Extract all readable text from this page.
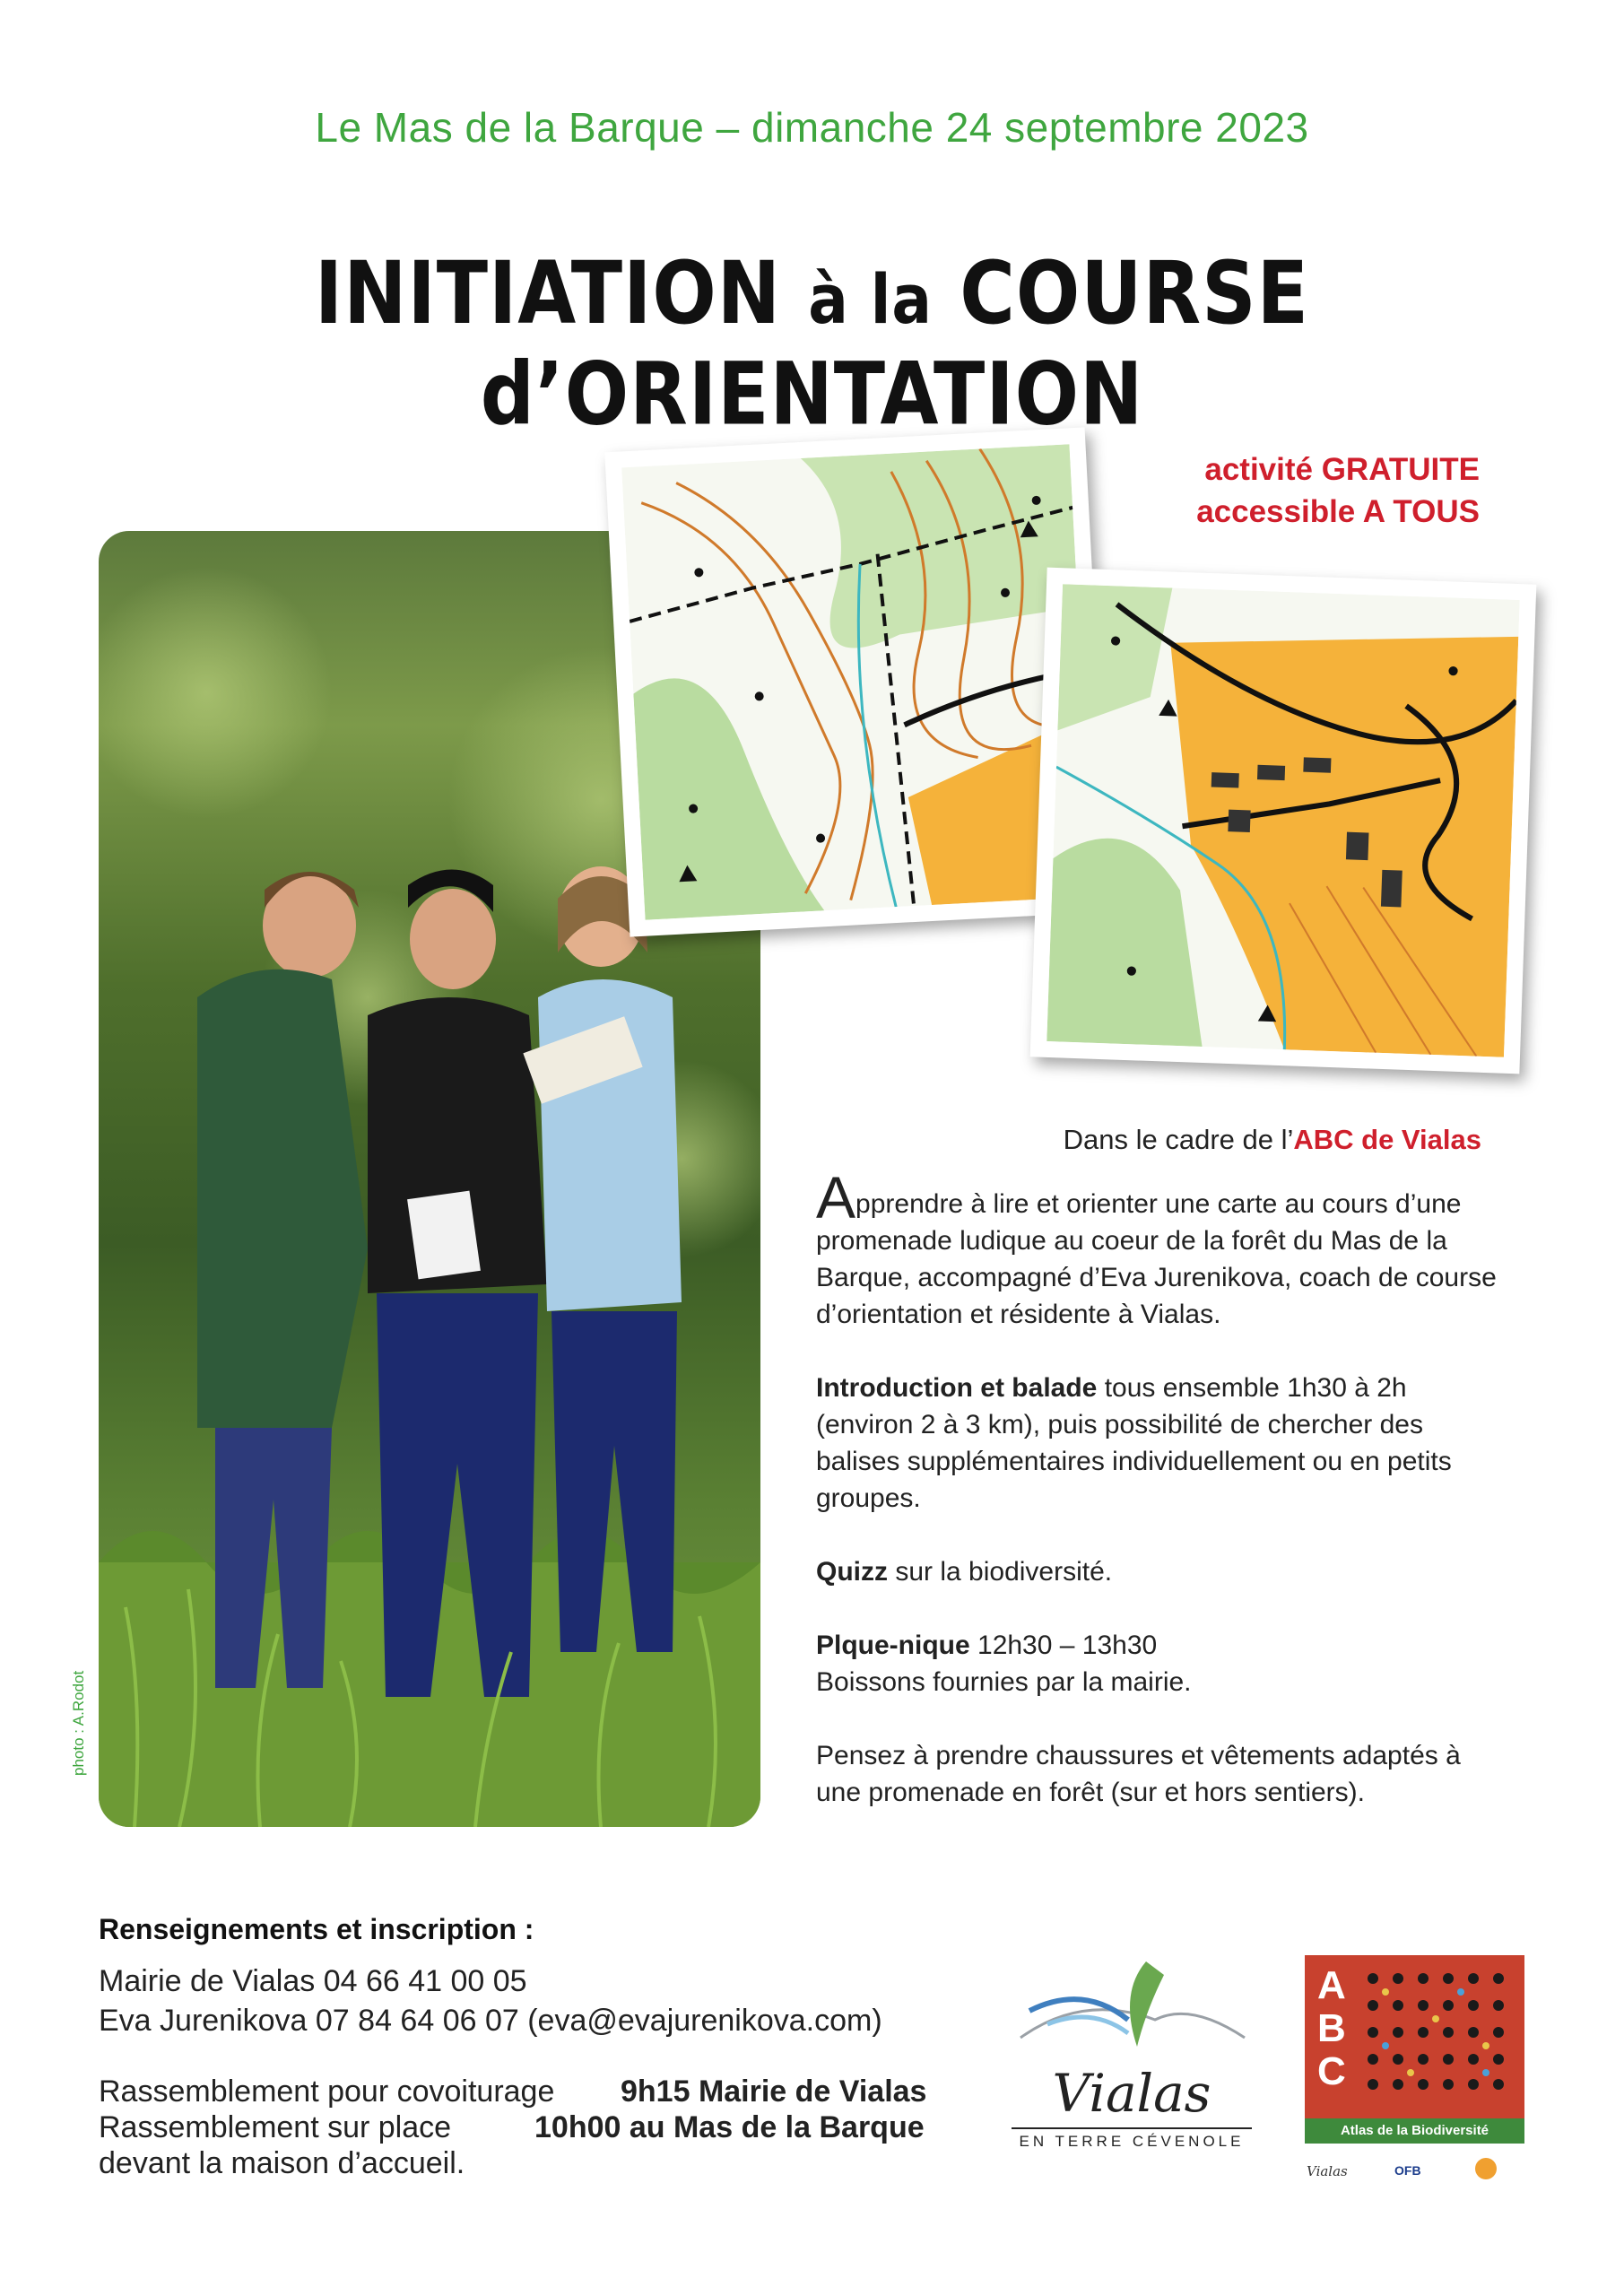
Le Mas de la Barque – dimanche 24 septembre 2023
INITIATION à la COURSE d’ORIENTATION
photo : A.Rodot
activité GRATUITE
accessible A TOUS
Dans le cadre de l’ABC de Vialas

Apprendre à lire et orienter une carte au cours d’une promenade ludique au coeur de la forêt du Mas de la Barque, accompagné d’Eva Jurenikova, coach de course d’orientation et résidente à Vialas.

Introduction et balade tous ensemble 1h30 à 2h (environ 2 à 3 km), puis possibilité de chercher des balises supplémentaires individuellement ou en petits groupes.

Quizz sur la biodiversité.

Plque-nique 12h30 – 13h30
Boissons fournies par la mairie.

Pensez à prendre chaussures et vêtements adaptés à une promenade en forêt (sur et hors sentiers).

Renseignements et inscription :
Mairie de Vialas 04 66 41 00 05
Eva Jurenikova 07 84 64 06 07 (eva@evajurenikova.com)
Rassemblement pour covoiturage 9h15 Mairie de Vialas
Rassemblement sur place	10h00 au Mas de la Barque
devant la maison d’accueil.
Vialas
EN TERRE CÉVENOLE
A
B
C
Atlas de la Biodiversité Communale
Vialas	OFB
